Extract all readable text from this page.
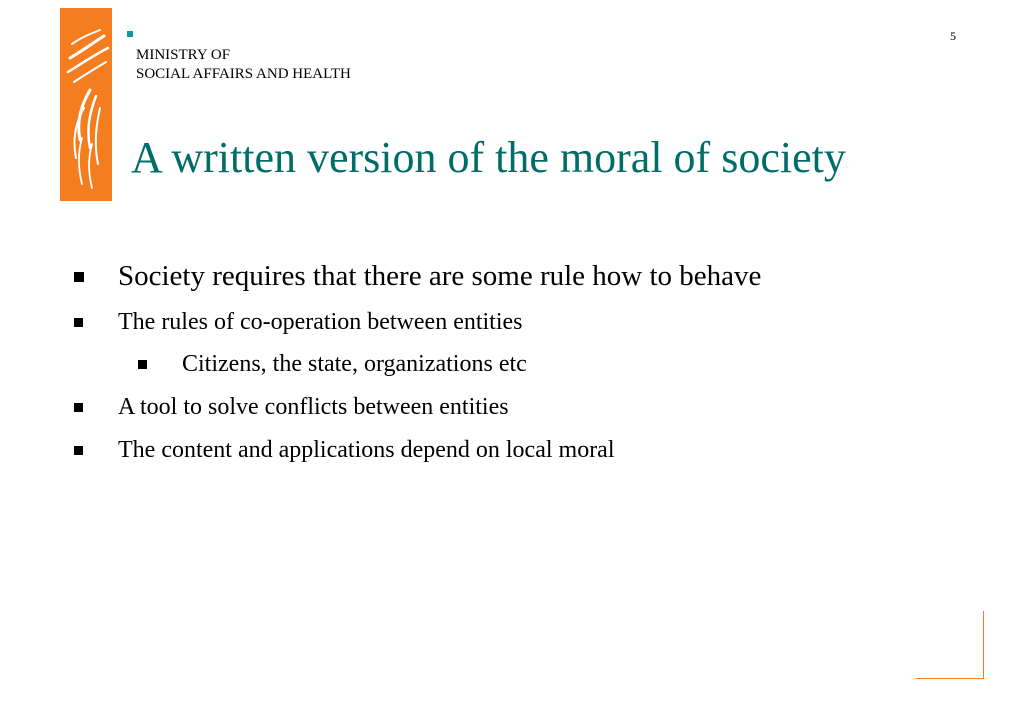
MINISTRY OF
SOCIAL AFFAIRS AND HEALTH
5
A written version of the moral of society
Society requires that there are some rule how to behave
The rules of co-operation between entities
Citizens, the state, organizations etc
A tool to solve conflicts between entities
The content and applications depend on local moral
